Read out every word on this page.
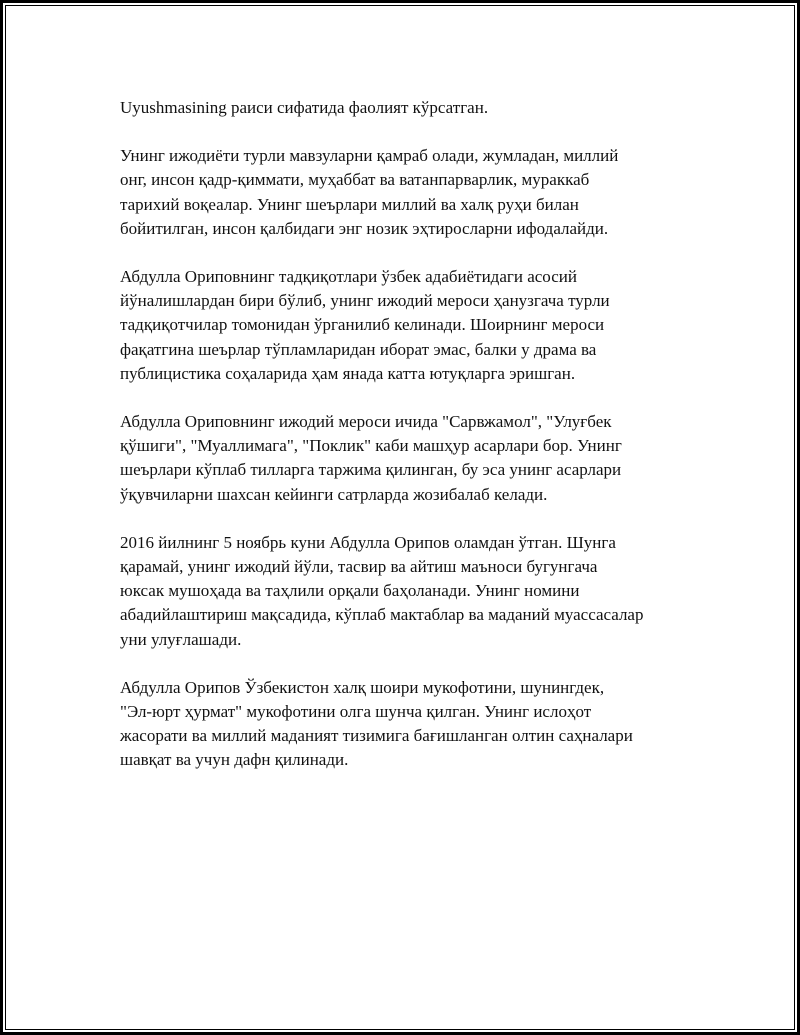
Uyushmasining раиси сифатида фаолият кўрсатган.

Унинг ижодиёти турли мавзуларни қамраб олади, жумладан, миллий
онг, инсон қадр-қиммати, муҳаббат ва ватанпарварлик, мураккаб
тарихий воқеалар. Унинг шеърлари миллий ва халқ руҳи билан
бойитилган, инсон қалбидаги энг нозик эҳтиросларни ифодалайди.

Абдулла Ориповнинг тадқиқотлари ўзбек адабиётидаги асосий
йўналишлардан бири бўлиб, унинг ижодий мероси ҳанузгача турли
тадқиқотчилар томонидан ўрганилиб келинади. Шоирнинг мероси
фақатгина шеърлар тўпламларидан иборат эмас, балки у драма ва
публицистика соҳаларида ҳам янада катта ютуқларга эришган.

Абдулла Ориповнинг ижодий мероси ичида "Сарвжамол", "Улуғбек
қўшиги", "Муаллимага", "Поклик" каби машҳур асарлари бор. Унинг
шеърлари кўплаб тилларга таржима қилинган, бу эса унинг асарлари
ўқувчиларни шахсан кейинги сатрларда жозибалаб келади.

2016 йилнинг 5 ноябрь куни Абдулла Орипов оламдан ўтган. Шунга
қарамай, унинг ижодий йўли, тасвир ва айтиш маъноси бугунгача
юксак мушоҳада ва таҳлили орқали баҳоланади. Унинг номини
абадийлаштириш мақсадида, кўплаб мактаблар ва маданий муассасалар
уни улуғлашади.

Абдулла Орипов Ўзбекистон халқ шоири мукофотини, шунингдек,
"Эл-юрт ҳурмат" мукофотини олга шунча қилган. Унинг ислоҳот
жасорати ва миллий маданият тизимига бағишланган олтин саҳналари
шавқат ва учун дафн қилинади.
